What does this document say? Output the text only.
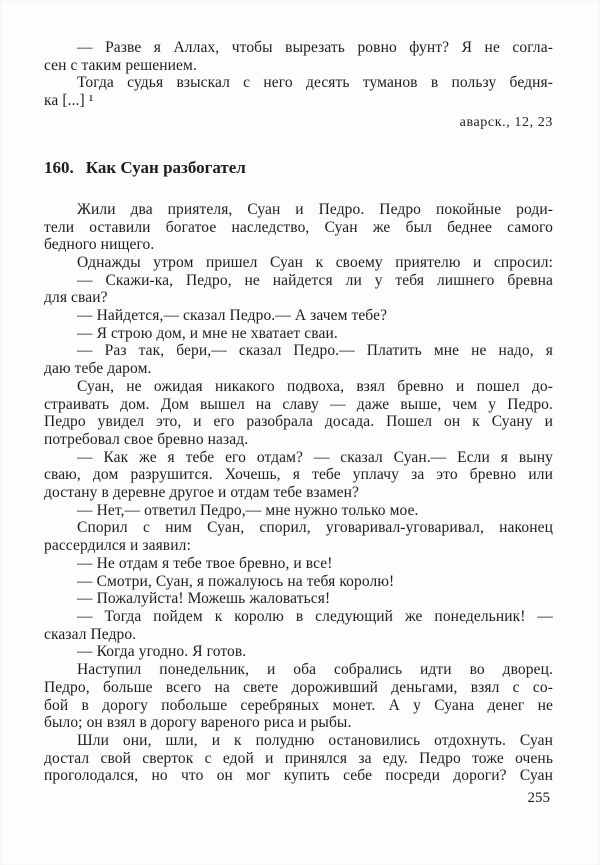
— Разве я Аллах, чтобы вырезать ровно фунт? Я не согла-
сен с таким решением.
Тогда судья взыскал с него десять туманов в пользу бедня-
ка [...] ¹
аварск., 12, 23
160. Как Суан разбогател
Жили два приятеля, Суан и Педро. Педро покойные роди-
тели оставили богатое наследство, Суан же был беднее самого
бедного нищего.
Однажды утром пришел Суан к своему приятелю и спросил:
— Скажи-ка, Педро, не найдется ли у тебя лишнего бревна
для сваи?
— Найдется,— сказал Педро.— А зачем тебе?
— Я строю дом, и мне не хватает сваи.
— Раз так, бери,— сказал Педро.— Платить мне не надо, я
даю тебе даром.
Суан, не ожидая никакого подвоха, взял бревно и пошел до-
страивать дом. Дом вышел на славу — даже выше, чем у Педро.
Педро увидел это, и его разобрала досада. Пошел он к Суану и
потребовал свое бревно назад.
— Как же я тебе его отдам? — сказал Суан.— Если я выну
сваю, дом разрушится. Хочешь, я тебе уплачу за это бревно или
достану в деревне другое и отдам тебе взамен?
— Нет,— ответил Педро,— мне нужно только мое.
Спорил с ним Суан, спорил, уговаривал-уговаривал, наконец
рассердился и заявил:
— Не отдам я тебе твое бревно, и все!
— Смотри, Суан, я пожалуюсь на тебя королю!
— Пожалуйста! Можешь жаловаться!
— Тогда пойдем к королю в следующий же понедельник! —
сказал Педро.
— Когда угодно. Я готов.
Наступил понедельник, и оба собрались идти во дворец.
Педро, больше всего на свете дороживший деньгами, взял с со-
бой в дорогу побольше серебряных монет. А у Суана денег не
было; он взял в дорогу вареного риса и рыбы.
Шли они, шли, и к полудню остановились отдохнуть. Суан
достал свой сверток с едой и принялся за еду. Педро тоже очень
проголодался, но что он мог купить себе посреди дороги? Суан
255
